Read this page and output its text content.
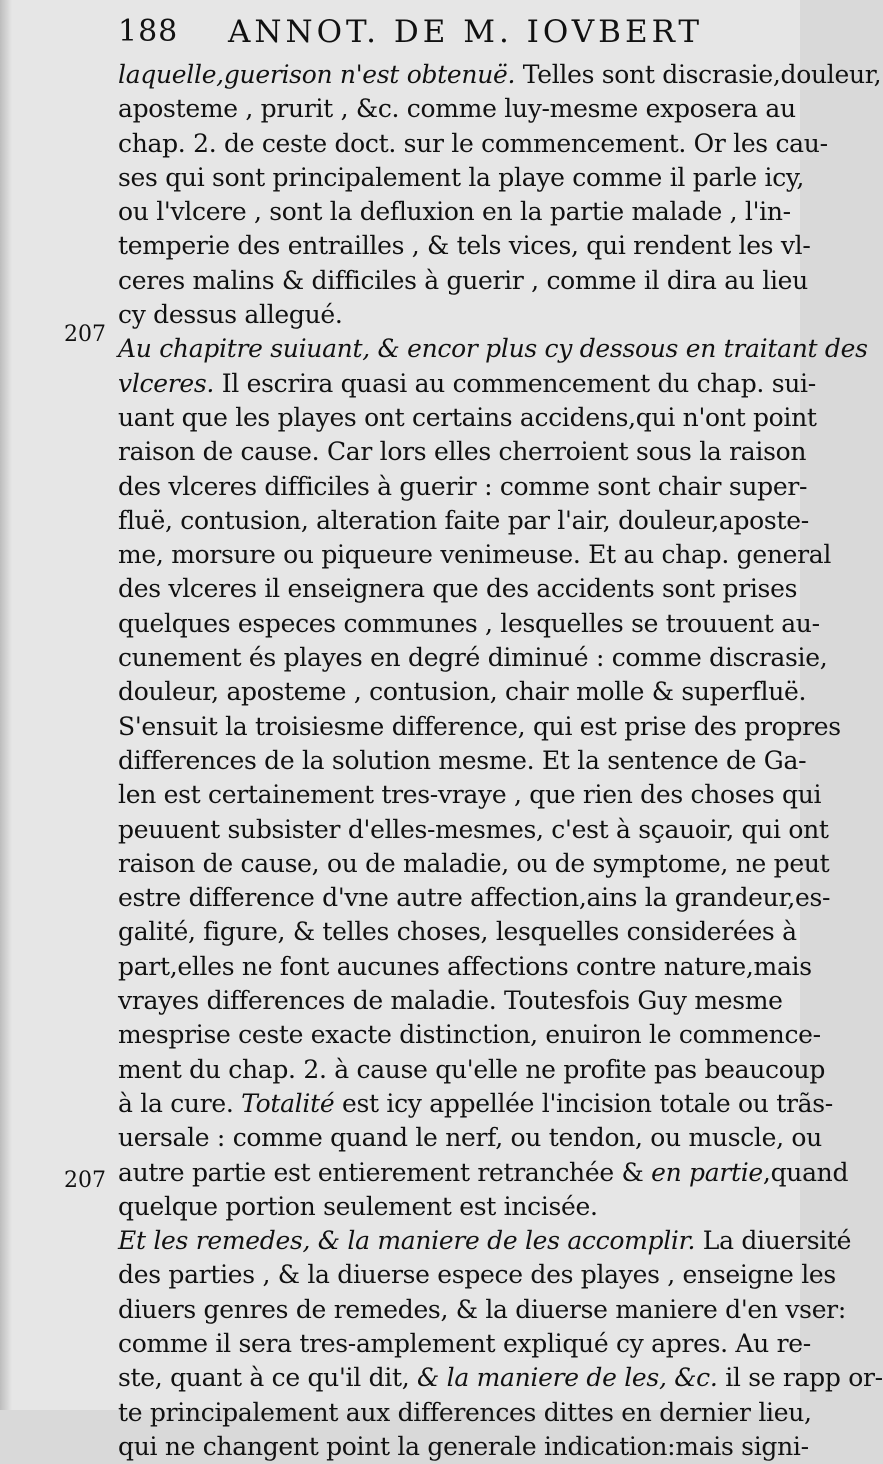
188 ANNOT. DE M. IOVBERT
207
207
laquelle,guerison n'est obtenuë. Telles sont discrasie,douleur,
aposteme , prurit , &c. comme luy-mesme exposera au
chap. 2. de ceste doct. sur le commencement. Or les cau-
ses qui sont principalement la playe comme il parle icy,
ou l'vlcere , sont la defluxion en la partie malade , l'in-
temperie des entrailles , & tels vices, qui rendent les vl-
ceres malins & difficiles à guerir , comme il dira au lieu
cy dessus allegué.
Au chapitre suiuant, & encor plus cy dessous en traitant des
vlceres. Il escrira quasi au commencement du chap. sui-
uant que les playes ont certains accidens,qui n'ont point
raison de cause. Car lors elles cherroient sous la raison
des vlceres difficiles à guerir : comme sont chair super-
fluë, contusion, alteration faite par l'air, douleur,aposte-
me, morsure ou piqueure venimeuse. Et au chap. general
des vlceres il enseignera que des accidents sont prises
quelques especes communes , lesquelles se trouuent au-
cunement és playes en degré diminué : comme discrasie,
douleur, aposteme , contusion, chair molle & superfluë.
S'ensuit la troisiesme difference, qui est prise des propres
differences de la solution mesme. Et la sentence de Ga-
len est certainement tres-vraye , que rien des choses qui
peuuent subsister d'elles-mesmes, c'est à sçauoir, qui ont
raison de cause, ou de maladie, ou de symptome, ne peut
estre difference d'vne autre affection,ains la grandeur,es-
galité, figure, & telles choses, lesquelles considerées à
part,elles ne font aucunes affections contre nature,mais
vrayes differences de maladie. Toutesfois Guy mesme
mesprise ceste exacte distinction, enuiron le commence-
ment du chap. 2. à cause qu'elle ne profite pas beaucoup
à la cure. Totalité est icy appellée l'incision totale ou trãs-
uersale : comme quand le nerf, ou tendon, ou muscle, ou
autre partie est entierement retranchée & en partie,quand
quelque portion seulement est incisée.
Et les remedes, & la maniere de les accomplir. La diuersité
des parties , & la diuerse espece des playes , enseigne les
diuers genres de remedes, & la diuerse maniere d'en vser:
comme il sera tres-amplement expliqué cy apres. Au re-
ste, quant à ce qu'il dit, & la maniere de les, &c. il se rapp or-
te principalement aux differences dittes en dernier lieu,
qui ne changent point la generale indication:mais signi-
